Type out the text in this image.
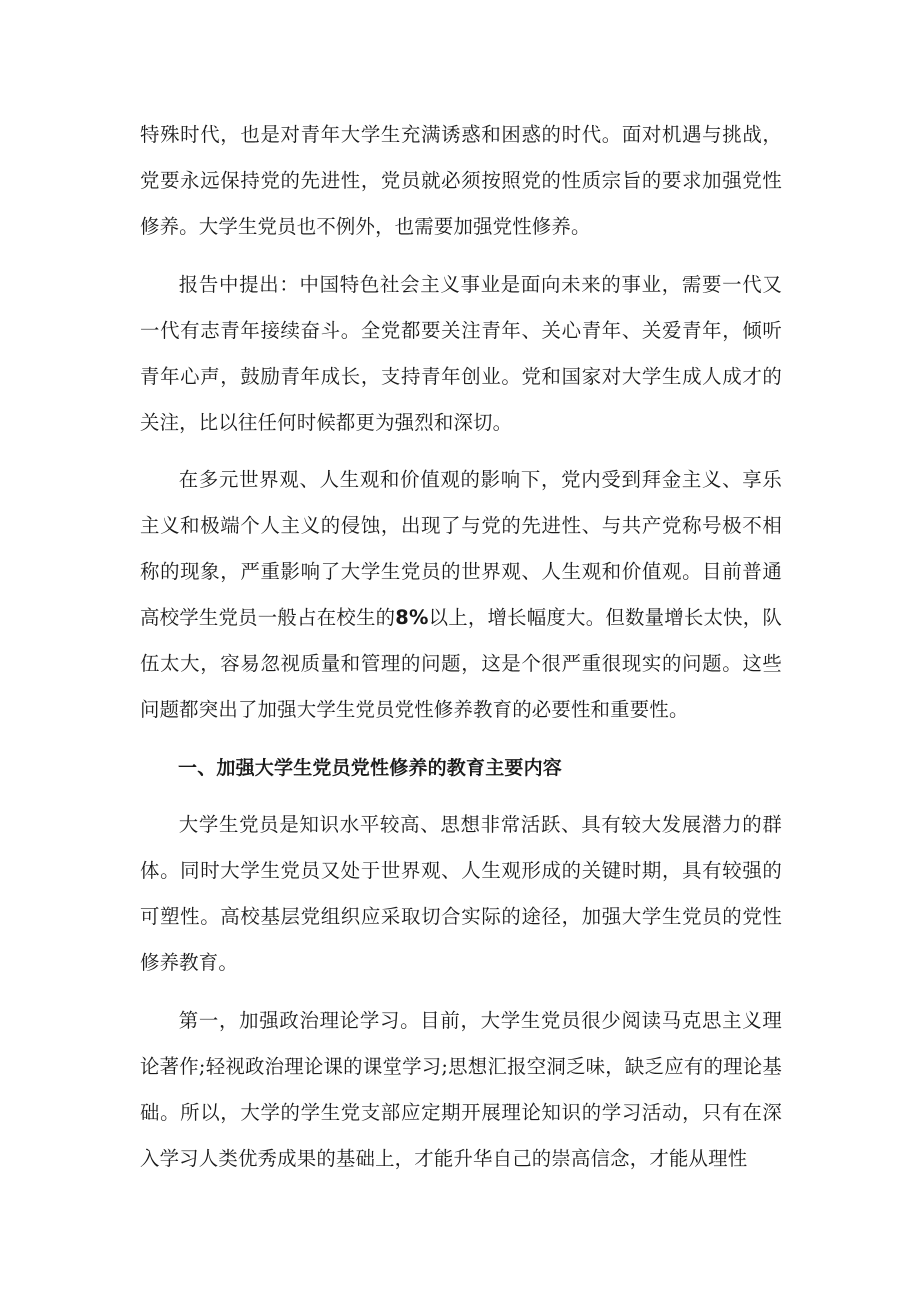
特殊时代，也是对青年大学生充满诱惑和困惑的时代。面对机遇与挑战，党要永远保持党的先进性，党员就必须按照党的性质宗旨的要求加强党性修养。大学生党员也不例外，也需要加强党性修养。

报告中提出：中国特色社会主义事业是面向未来的事业，需要一代又一代有志青年接续奋斗。全党都要关注青年、关心青年、关爱青年，倾听青年心声，鼓励青年成长，支持青年创业。党和国家对大学生成人成才的关注，比以往任何时候都更为强烈和深切。

在多元世界观、人生观和价值观的影响下，党内受到拜金主义、享乐主义和极端个人主义的侵蚀，出现了与党的先进性、与共产党称号极不相称的现象，严重影响了大学生党员的世界观、人生观和价值观。目前普通高校学生党员一般占在校生的8%以上，增长幅度大。但数量增长太快，队伍太大，容易忽视质量和管理的问题，这是个很严重很现实的问题。这些问题都突出了加强大学生党员党性修养教育的必要性和重要性。

一、加强大学生党员党性修养的教育主要内容

大学生党员是知识水平较高、思想非常活跃、具有较大发展潜力的群体。同时大学生党员又处于世界观、人生观形成的关键时期，具有较强的可塑性。高校基层党组织应采取切合实际的途径，加强大学生党员的党性修养教育。

第一，加强政治理论学习。目前，大学生党员很少阅读马克思主义理论著作;轻视政治理论课的课堂学习;思想汇报空洞乏味，缺乏应有的理论基础。所以，大学的学生党支部应定期开展理论知识的学习活动，只有在深入学习人类优秀成果的基础上，才能升华自己的崇高信念，才能从理性
